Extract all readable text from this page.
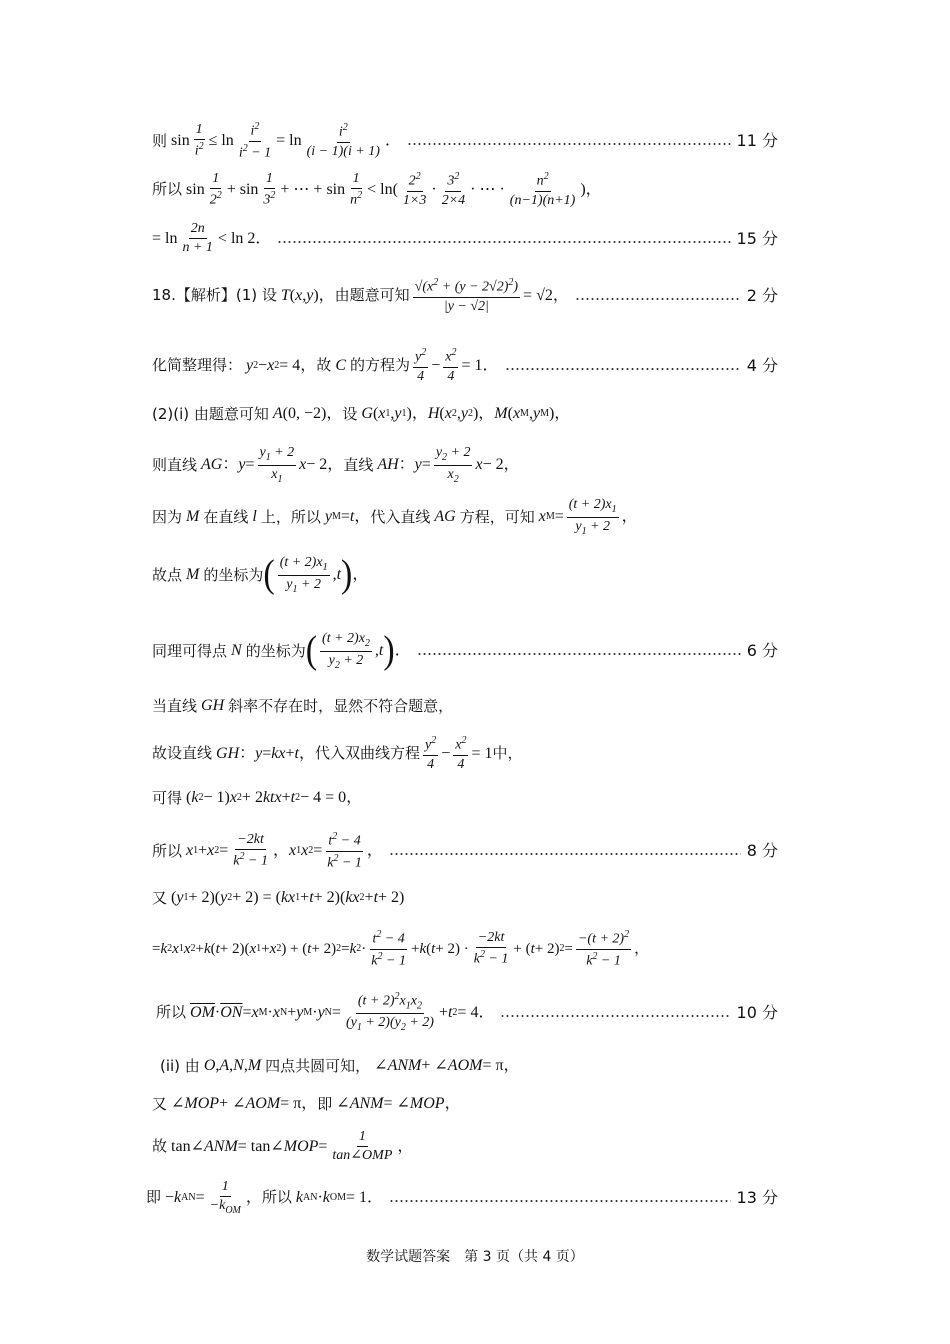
则 $\sin \frac{1}{i^2} \le \ln \frac{i^2}{i^2 - 1} = \ln \frac{i^2}{(i - 1)(i + 1)}$ ．	11 分
所以 $\sin \frac{1}{2^2} + \sin \frac{1}{3^2}$ + ⋯ + $\sin \frac{1}{n^2} < \ln( \frac{2^2}{1\times 3} \cdot \frac{3^2}{2\times 4}$ · ⋯ · $\frac{n^2}{(n-1)(n+1)}$ )，
= $\ln \frac{2n}{n + 1} < \ln 2$．	15 分
18.【解析】(1) 设
T ( x , y )， 由题意可知 $\frac{√(x^2 + (y - 2√2)^2)}{|y - √2|} = √2$，	2 分
化简整理得：
y 2 − x 2 = 4， 故
C
的方程为 $\frac{y^2}{4} - \frac{x^2}{4} = 1$．	4 分
(2)(i) 由题意可知
A (0, −2)， 设
G ( x 1 , y 1 )， H ( x 2 , y 2 )， M ( x M , y M )，
则直线
AG ： $y = \frac{y_1 + 2}{x_1}$ x − 2， 直线
AH ： $y = \frac{y_2 + 2}{x_2}$ x − 2，
因为
M
在直线
l
上，所以
y M = t ， 代入直线
AG
方程，可知
x $M = \frac{(t + 2)x_1}{y_1 + 2}$ ，
故点
M
的坐标为 ( $\frac{(t + 2)x_1}{y_1 + 2}$ , t ) ，
同理可得点
N
的坐标为 ( $\frac{(t + 2)x_2}{y_2 + 2}$ , t ) ．	6 分
当直线
GH
斜率不存在时，显然不符合题意，
故设直线
GH ： y = kx + t ， 代入双曲线方程 $\frac{y^2}{4} - \frac{x^2}{4} = 1$ 中，
可得 ( k 2 − 1) x 2 + 2 ktx + t 2 − 4 = 0，
所以
x 1 + x $2 = \frac{-2kt}{k^2 - 1}$ ， x 1 x $2 = \frac{t^2 - 4}{k^2 - 1}$ ，	8 分
又 ( y 1 + 2)( y 2 + 2) = ( kx 1 + t + 2)( kx 2 + t + 2)
= k 2 x 1 x 2 + k ( t + 2)( x 1 + x 2 ) + ( t + 2) 2 = k $2 \cdot \frac{t^2 - 4}{k^2 - 1} + k$ ( $t + 2) \cdot \frac{-2kt}{k^2 - 1}$ + ( t + 2) $2 = \frac{-(t + 2)^2}{k^2 - 1}$ ，
所以
$\overline{OM} \cdot \overline{ON} = x$ M · x N + y M · y $N = \frac{(t + 2)^2x_1x_2}{(y_1 + 2)(y_2 + 2)} + t$ 2 = 4．	10 分
(ii) 由
O , A , N , M
四点共圆可知， ∠ ANM + ∠ AOM = π，
又 ∠ MOP + ∠ AOM = π， 即 ∠ ANM = ∠ MOP ，
故 tan∠ ANM = tan∠ MOP = $\frac{1}{\text{tan∠OMP}}$ ，
即 − k AN = $\frac{1}{-k_{OM}}$ ， 所以
k AN · k OM = 1．	13 分
数学试题答案　第 3 页（共 4 页）
